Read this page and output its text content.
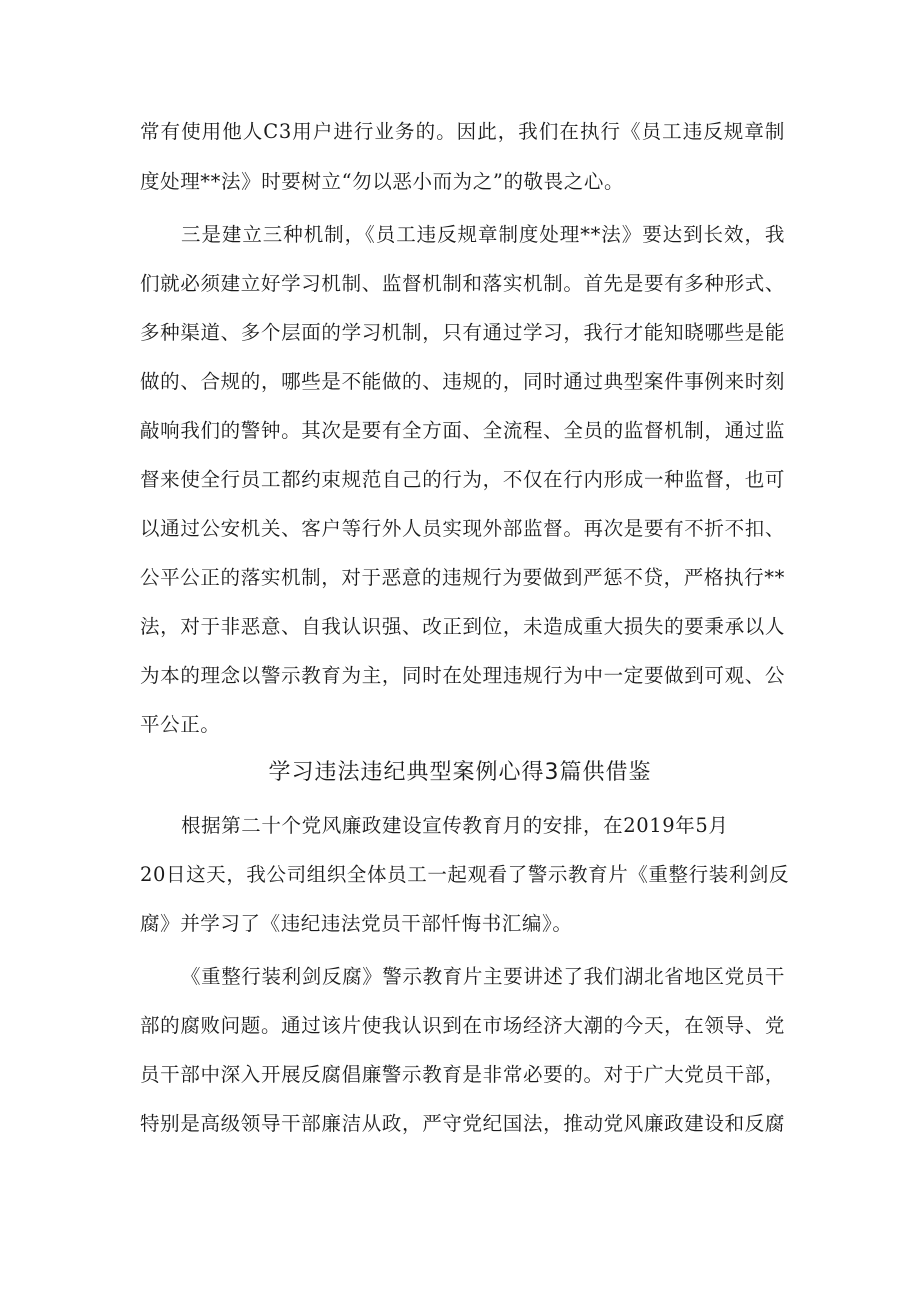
常有使用他人C3用户进行业务的。因此，我们在执行《员工违反规章制
度处理**法》时要树立“勿以恶小而为之”的敬畏之心。
三是建立三种机制，《员工违反规章制度处理**法》要达到长效，我
们就必须建立好学习机制、监督机制和落实机制。首先是要有多种形式、
多种渠道、多个层面的学习机制，只有通过学习，我行才能知晓哪些是能
做的、合规的，哪些是不能做的、违规的，同时通过典型案件事例来时刻
敲响我们的警钟。其次是要有全方面、全流程、全员的监督机制，通过监
督来使全行员工都约束规范自己的行为，不仅在行内形成一种监督，也可
以通过公安机关、客户等行外人员实现外部监督。再次是要有不折不扣、
公平公正的落实机制，对于恶意的违规行为要做到严惩不贷，严格执行**
法，对于非恶意、自我认识强、改正到位，未造成重大损失的要秉承以人
为本的理念以警示教育为主，同时在处理违规行为中一定要做到可观、公
平公正。
学习违法违纪典型案例心得3篇供借鉴
根据第二十个党风廉政建设宣传教育月的安排，在2019年5月
20日这天，我公司组织全体员工一起观看了警示教育片《重整行装利剑反
腐》并学习了《违纪违法党员干部忏悔书汇编》。
《重整行装利剑反腐》警示教育片主要讲述了我们湖北省地区党员干
部的腐败问题。通过该片使我认识到在市场经济大潮的今天，在领导、党
员干部中深入开展反腐倡廉警示教育是非常必要的。对于广大党员干部，
特别是高级领导干部廉洁从政，严守党纪国法，推动党风廉政建设和反腐
